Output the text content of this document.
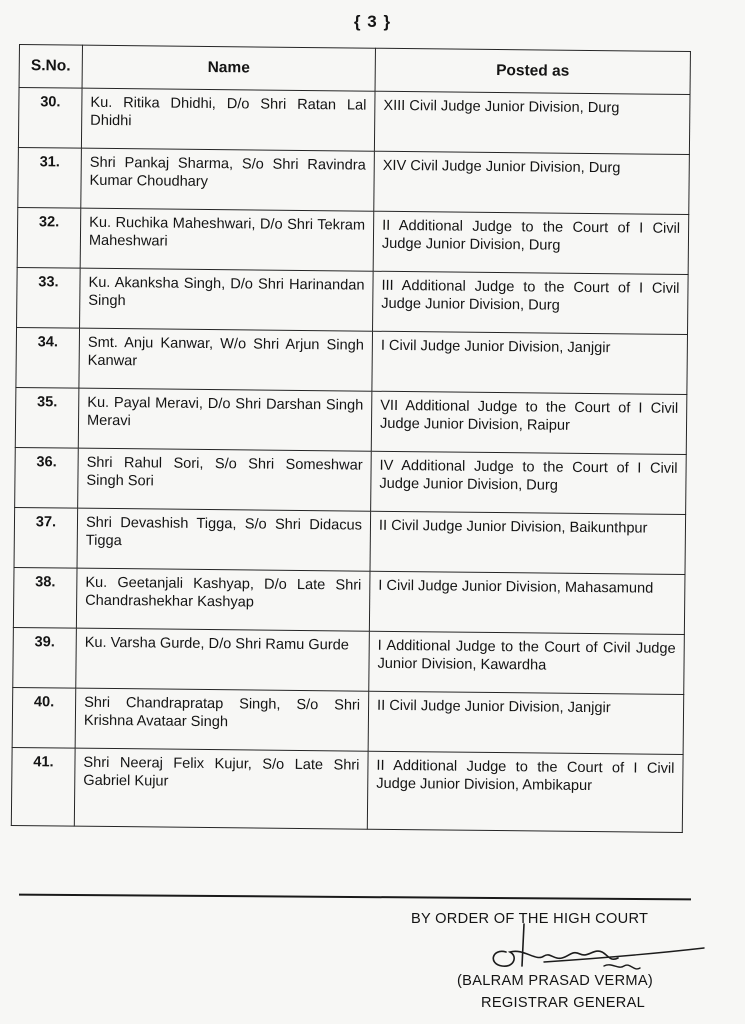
{ 3 }
S.No.	Name	Posted as
30.	Ku. Ritika Dhidhi, D/o Shri Ratan Lal Dhidhi	XIII Civil Judge Junior Division, Durg
31.	Shri Pankaj Sharma, S/o Shri Ravindra Kumar Choudhary	XIV Civil Judge Junior Division, Durg
32.	Ku. Ruchika Maheshwari, D/o Shri Tekram Maheshwari	II Additional Judge to the Court of I Civil Judge Junior Division, Durg
33.	Ku. Akanksha Singh, D/o Shri Harinandan Singh	III Additional Judge to the Court of I Civil Judge Junior Division, Durg
34.	Smt. Anju Kanwar, W/o Shri Arjun Singh Kanwar	I Civil Judge Junior Division, Janjgir
35.	Ku. Payal Meravi, D/o Shri Darshan Singh Meravi	VII Additional Judge to the Court of I Civil Judge Junior Division, Raipur
36.	Shri Rahul Sori, S/o Shri Someshwar Singh Sori	IV Additional Judge to the Court of I Civil Judge Junior Division, Durg
37.	Shri Devashish Tigga, S/o Shri Didacus Tigga	II Civil Judge Junior Division, Baikunthpur
38.	Ku. Geetanjali Kashyap, D/o Late Shri Chandrashekhar Kashyap	I Civil Judge Junior Division, Mahasamund
39.	Ku. Varsha Gurde, D/o Shri Ramu Gurde	I Additional Judge to the Court of Civil Judge Junior Division, Kawardha
40.	Shri Chandrapratap Singh, S/o Shri Krishna Avataar Singh	II Civil Judge Junior Division, Janjgir
41.	Shri Neeraj Felix Kujur, S/o Late Shri Gabriel Kujur	II Additional Judge to the Court of I Civil Judge Junior Division, Ambikapur
BY ORDER OF THE HIGH COURT
(BALRAM PRASAD VERMA)
REGISTRAR GENERAL
